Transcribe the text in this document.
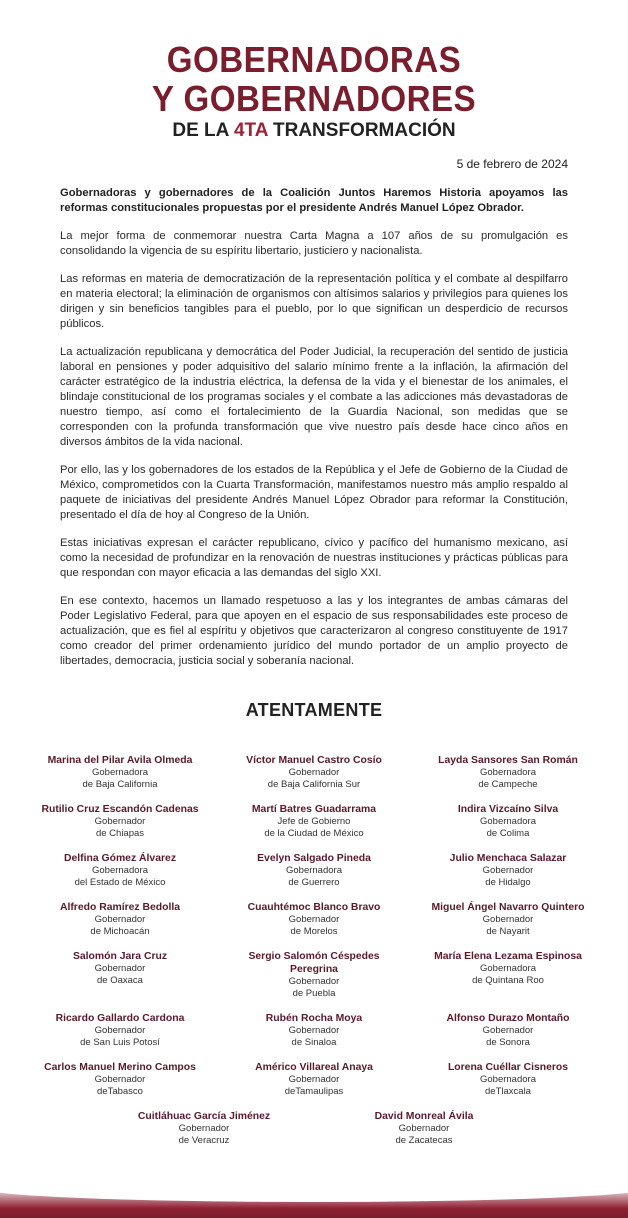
GOBERNADORAS
Y GOBERNADORES
DE LA 4TA TRANSFORMACIÓN
5 de febrero de 2024

Gobernadoras y gobernadores de la Coalición Juntos Haremos Historia apoyamos las reformas constitucionales propuestas por el presidente Andrés Manuel López Obrador.

La mejor forma de conmemorar nuestra Carta Magna a 107 años de su promulgación es consolidando la vigencia de su espíritu libertario, justiciero y nacionalista.

Las reformas en materia de democratización de la representación política y el combate al despilfarro en materia electoral; la eliminación de organismos con altísimos salarios y privilegios para quienes los dirigen y sin beneficios tangibles para el pueblo, por lo que significan un desperdicio de recursos públicos.

La actualización republicana y democrática del Poder Judicial, la recuperación del sentido de justicia laboral en pensiones y poder adquisitivo del salario mínimo frente a la inflación, la afirmación del carácter estratégico de la industria eléctrica, la defensa de la vida y el bienestar de los animales, el blindaje constitucional de los programas sociales y el combate a las adicciones más devastadoras de nuestro tiempo, así como el fortalecimiento de la Guardia Nacional, son medidas que se corresponden con la profunda transformación que vive nuestro país desde hace cinco años en diversos ámbitos de la vida nacional.

Por ello, las y los gobernadores de los estados de la República y el Jefe de Gobierno de la Ciudad de México, comprometidos con la Cuarta Transformación, manifestamos nuestro más amplio respaldo al paquete de iniciativas del presidente Andrés Manuel López Obrador para reformar la Constitución, presentado el día de hoy al Congreso de la Unión.

Estas iniciativas expresan el carácter republicano, cívico y pacífico del humanismo mexicano, así como la necesidad de profundizar en la renovación de nuestras instituciones y prácticas públicas para que respondan con mayor eficacia a las demandas del siglo XXI.

En ese contexto, hacemos un llamado respetuoso a las y los integrantes de ambas cámaras del Poder Legislativo Federal, para que apoyen en el espacio de sus responsabilidades este proceso de actualización, que es fiel al espíritu y objetivos que caracterizaron al congreso constituyente de 1917 como creador del primer ordenamiento jurídico del mundo portador de un amplio proyecto de libertades, democracia, justicia social y soberanía nacional.

ATENTAMENTE
Marina del Pilar Avila Olmeda
Gobernadora
de Baja California
Víctor Manuel Castro Cosío
Gobernador
de Baja California Sur
Layda Sansores San Román
Gobernadora
de Campeche
Rutilio Cruz Escandón Cadenas
Gobernador
de Chiapas
Martí Batres Guadarrama
Jefe de Gobierno
de la Ciudad de México
Indira Vizcaíno Silva
Gobernadora
de Colima
Delfina Gómez Álvarez
Gobernadora
del Estado de México
Evelyn Salgado Pineda
Gobernadora
de Guerrero
Julio Menchaca Salazar
Gobernador
de Hidalgo
Alfredo Ramírez Bedolla
Gobernador
de Michoacán
Cuauhtémoc Blanco Bravo
Gobernador
de Morelos
Miguel Ángel Navarro Quintero
Gobernador
de Nayarit
Salomón Jara Cruz
Gobernador
de Oaxaca
Sergio Salomón Céspedes Peregrina
Gobernador
de Puebla
María Elena Lezama Espinosa
Gobernadora
de Quintana Roo
Ricardo Gallardo Cardona
Gobernador
de San Luis Potosí
Rubén Rocha Moya
Gobernador
de Sinaloa
Alfonso Durazo Montaño
Gobernador
de Sonora
Carlos Manuel Merino Campos
Gobernador
deTabasco
Américo Villareal Anaya
Gobernador
deTamaulipas
Lorena Cuéllar Cisneros
Gobernadora
deTlaxcala
Cuitláhuac García Jiménez
Gobernador
de Veracruz
David Monreal Ávila
Gobernador
de Zacatecas
